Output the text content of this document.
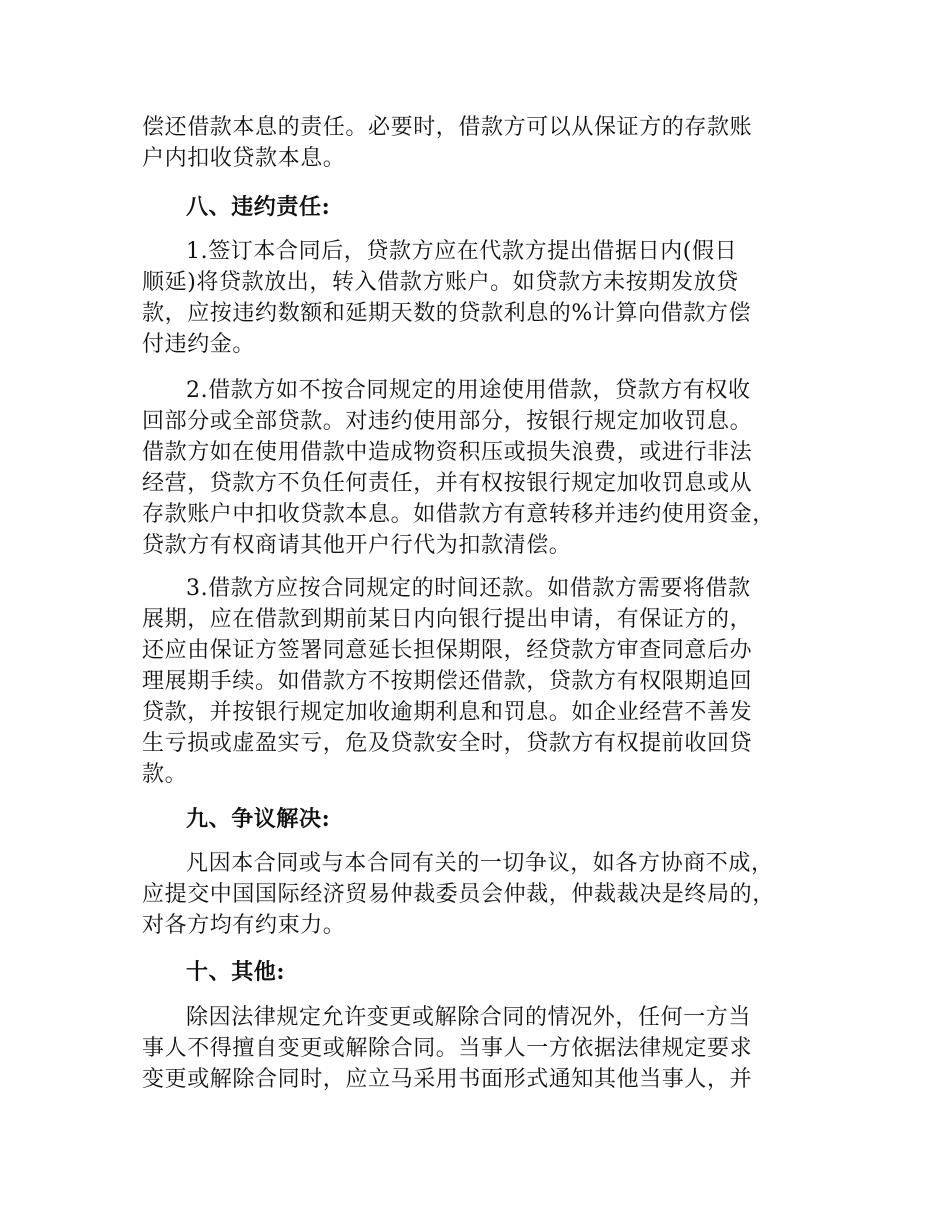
偿还借款本息的责任。必要时，借款方可以从保证方的存款账
户内扣收贷款本息。

八、违约责任:

1.签订本合同后，贷款方应在代款方提出借据日内(假日
顺延)将贷款放出，转入借款方账户。如贷款方未按期发放贷
款，应按违约数额和延期天数的贷款利息的%计算向借款方偿
付违约金。

2.借款方如不按合同规定的用途使用借款，贷款方有权收
回部分或全部贷款。对违约使用部分，按银行规定加收罚息。
借款方如在使用借款中造成物资积压或损失浪费，或进行非法
经营，贷款方不负任何责任，并有权按银行规定加收罚息或从
存款账户中扣收贷款本息。如借款方有意转移并违约使用资金，
贷款方有权商请其他开户行代为扣款清偿。

3.借款方应按合同规定的时间还款。如借款方需要将借款
展期，应在借款到期前某日内向银行提出申请，有保证方的，
还应由保证方签署同意延长担保期限，经贷款方审查同意后办
理展期手续。如借款方不按期偿还借款，贷款方有权限期追回
贷款，并按银行规定加收逾期利息和罚息。如企业经营不善发
生亏损或虚盈实亏，危及贷款安全时，贷款方有权提前收回贷
款。

九、争议解决:

凡因本合同或与本合同有关的一切争议，如各方协商不成，
应提交中国国际经济贸易仲裁委员会仲裁，仲裁裁决是终局的，
对各方均有约束力。

十、其他:

除因法律规定允许变更或解除合同的情况外，任何一方当
事人不得擅自变更或解除合同。当事人一方依据法律规定要求
变更或解除合同时，应立马采用书面形式通知其他当事人，并
